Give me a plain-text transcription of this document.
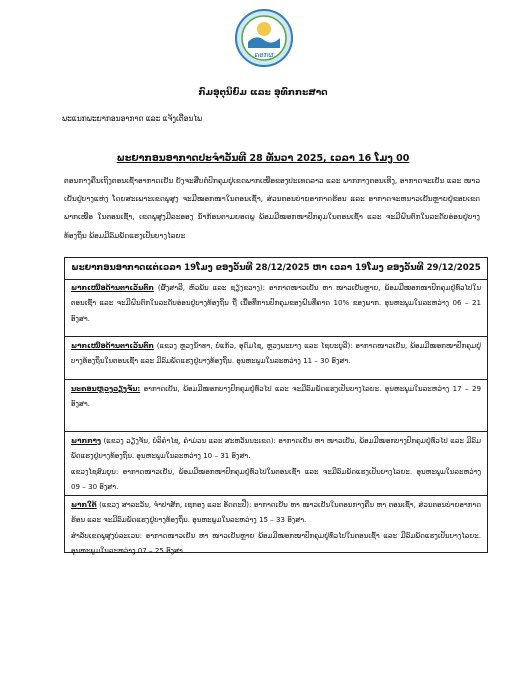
ຄອກຜ
ກົມອຸຕຸນິຍົມ ແລະ ອຸທົກກະສາດ
ພະແນກພະຍາກອນອາກາດ ແລະ ແຈ້ງເຕືອນໄພ
ພະຍາກອນອາກາດປະຈຳວັນທີ 28 ທັນວາ 2025, ເວລາ 16 ໂມງ 00

ຕອນກາງຄືນເຖິງຕອນເຊົ້າອາກາດເຢັນ ຍັງຈະສືບຕໍ່ປົກຄຸມຢູ່ເຂດພາກເໜືອຂອງປະເທດລາວ ແລະ ພາກກາງຕອນເທິງ, ອາກາດຈະເຢັນ ແລະ ໜາວເຢັນຢູ່ບາງແຫ່ງ ໂດຍສະເພາະເຂດພູສູງ ຈະມີໝອກໜາໃນຕອນເຊົ້າ, ສ່ວນຕອນບ່າຍອາກາດຮ້ອນ ແລະ ອາກາດຈະຫນາວເຢັນຫຼາຍຢູ່ຂອບເຂດພາກເໜືອ ໃນຕອນເຊົ້າ, ເຂດພູສູງມີລະອອງ ນ້ຳກ້ອນຕາມຍອດພູ ພ້ອມມີໝອກໜາປົກຄຸມໃນຕອນເຊົ້າ ແລະ ຈະມີຝົນຕົກໃນລະດັບອ່ອນຢູ່ບາງທ້ອງຖິ່ນ ພ້ອມມີລົມພັດແຮງເປັນບາງໄລຍະ

ພະຍາກອນອາກາດແຕ່ເວລາ 19ໂມງ ຂອງວັນທີ 28/12/2025 ຫາ ເວລາ 19ໂມງ ຂອງວັນທີ 29/12/2025
ພາກເໜືອດ້ານຕາເວັນຕົກ (ຜົ້ງສາລີ, ຫົວພັນ ແລະ ຊຽງຂວາງ): ອາກາດໜາວເຢັນ ຫາ ໜາວເຢັນຫຼາຍ, ພ້ອມມີໝອກໜາປົກຄຸມຢູ່ທົ່ວໄປໃນຕອນເຊົ້າ ແລະ ຈະມີຝົນຕົກໃນລະດັບອ່ອນຢູ່ບາງທ້ອງຖິ່ນ ຖື ເນື້ອທີ່ການປົກຄຸມຂອງຝົນທີ່ຄາດ 10% ຂອງພາກ. ອຸນຫະພູມໃນລະຫວ່າງ 06 – 21 ອົງສາ.
ພາກເໜືອດ້ານຕາເວັນຕົກ (ແຂວງ ຫຼວງນ້ຳທາ, ບໍ່ແກ້ວ, ອຸດົມໄຊ, ຫຼວງພະບາງ ແລະ ໄຊຍະບູລີ): ອາກາດໜາວເຢັນ, ພ້ອມມີໝອກໜາປົກຄຸມຢູ່ບາງທ້ອງຖິ່ນໃນຕອນເຊົ້າ ແລະ ມີລົມພັດແຮງຢູ່ບາງທ້ອງຖິ່ນ. ອຸນຫະພູມໃນລະຫວ່າງ 11 – 30 ອົງສາ.
ນະຄອນຫຼວງວຽງຈັນ: ອາກາດເຢັນ, ພ້ອມມີໝອກບາງປົກຄຸມຢູ່ທົ່ວໄປ ແລະ ຈະມີລົມພັດແຮງເປັນບາງໄລຍະ. ອຸນຫະພູມໃນລະຫວ່າງ 17 – 29 ອົງສາ.
ພາກກາງ (ແຂວງ ວຽງຈັນ, ບໍລິຄຳໄຊ, ຄຳມ່ວນ ແລະ ສະຫວັນນະເຂດ): ອາກາດເຢັນ ຫາ ໜາວເຢັນ, ພ້ອມມີໝອກບາງປົກຄຸມຢູ່ທົ່ວໄປ ແລະ ມີລົມພັດແຮງຢູ່ບາງທ້ອງຖິ່ນ. ອຸນຫະພູມໃນລະຫວ່າງ 10 – 31 ອົງສາ.
ແຂວງໄຊສົມບູນ: ອາກາດໜາວເຢັນ, ພ້ອມມີໝອກໜາປົກຄຸມຢູ່ທົ່ວໄປໃນຕອນເຊົ້າ ແລະ ຈະມີລົມພັດແຮງເປັນບາງໄລຍະ. ອຸນຫະພູມໃນລະຫວ່າງ 09 – 30 ອົງສາ.
ພາກໃຕ້ (ແຂວງ ສາລະວັນ, ຈຳປາສັກ, ເຊກອງ ແລະ ອັດຕະປື): ອາກາດເຢັນ ຫາ ໜາວເຢັນໃນຕອນກາງຄືນ ຫາ ຕອນເຊົ້າ, ສ່ວນຕອນບ່າຍອາກາດຮ້ອນ ແລະ ຈະມີລົມພັດແຮງຢູ່ບາງທ້ອງຖິ່ນ. ອຸນຫະພູມໃນລະຫວ່າງ 15 – 33 ອົງສາ.
ສຳລັບເຂດພູສູງບໍລະເວນ: ອາກາດໜາວເຢັນ ຫາ ໜາວເຢັນຫຼາຍ ພ້ອມມີໝອກໜາປົກຄຸມຢູ່ທົ່ວໄປໃນຕອນເຊົ້າ ແລະ ມີລົມພັດແຮງເປັນບາງໄລຍະ. ອຸນຫະພູມໃນລະຫວ່າງ 07 – 25 ອົງສາ.
